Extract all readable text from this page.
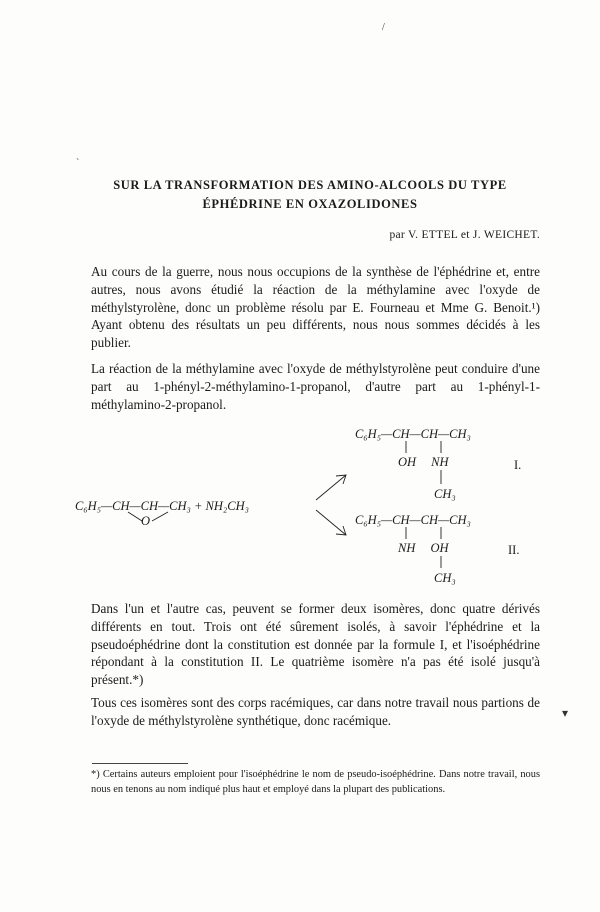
/
`
SUR LA TRANSFORMATION DES AMINO-ALCOOLS DU TYPE
ÉPHÉDRINE EN OXAZOLIDONES
par V. ETTEL et J. WEICHET.
Au cours de la guerre, nous nous occupions de la synthèse de l'éphédrine et, entre autres, nous avons étudié la réaction de la méthylamine avec l'oxyde de méthylstyrolène, donc un problème résolu par E. Fourneau et Mme G. Benoit.¹) Ayant obtenu des résultats un peu différents, nous nous sommes décidés à les publier.
La réaction de la méthylamine avec l'oxyde de méthylstyrolène peut conduire d'une part au 1-phényl-2-méthylamino-1-propanol, d'autre part au 1-phényl-1-méthylamino-2-propanol.
C₆H₅—CH—CH—CH₃
OH NH	I.
CH₃
C₆H₅—CH—CH—CH₃ + NH₂CH₃
O	C₆H₅—CH—CH—CH₃
NH OH	II.
CH₃
Dans l'un et l'autre cas, peuvent se former deux isomères, donc quatre dérivés différents en tout. Trois ont été sûrement isolés, à savoir l'éphédrine et la pseudoéphédrine dont la constitution est donnée par la formule I, et l'isoéphédrine répondant à la constitution II. Le quatrième isomère n'a pas été isolé jusqu'à présent.*)
Tous ces isomères sont des corps racémiques, car dans notre travail nous partions de l'oxyde de méthylstyrolène synthétique, donc racémique.	▾
*) Certains auteurs emploient pour l'isoéphédrine le nom de pseudo-isoéphédrine. Dans notre travail, nous nous en tenons au nom indiqué plus haut et employé dans la plupart des publications.
